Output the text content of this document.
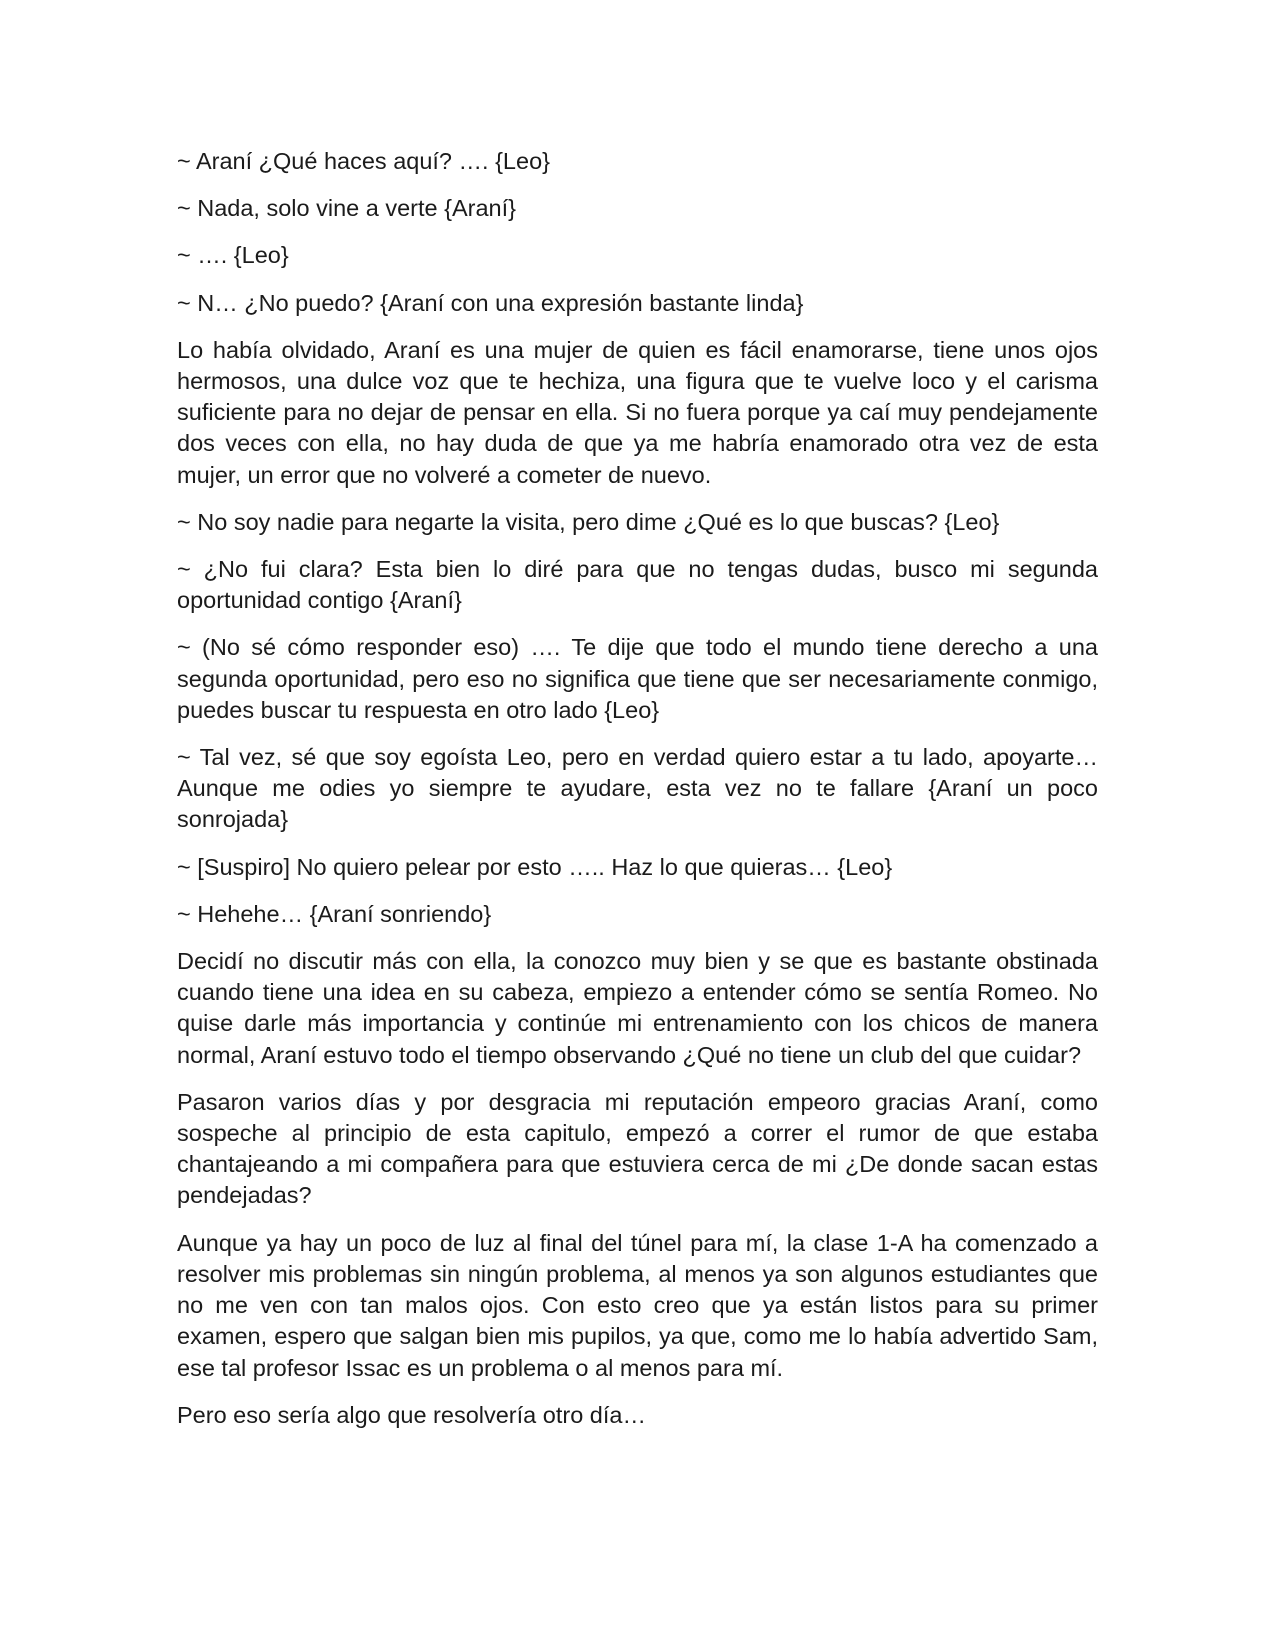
~ Araní ¿Qué haces aquí? …. {Leo}

~ Nada, solo vine a verte {Araní}

~ …. {Leo}

~ N… ¿No puedo? {Araní con una expresión bastante linda}

Lo había olvidado, Araní es una mujer de quien es fácil enamorarse, tiene unos ojos hermosos, una dulce voz que te hechiza, una figura que te vuelve loco y el carisma suficiente para no dejar de pensar en ella. Si no fuera porque ya caí muy pendejamente dos veces con ella, no hay duda de que ya me habría enamorado otra vez de esta mujer, un error que no volveré a cometer de nuevo.

~ No soy nadie para negarte la visita, pero dime ¿Qué es lo que buscas? {Leo}

~ ¿No fui clara? Esta bien lo diré para que no tengas dudas, busco mi segunda oportunidad contigo {Araní}

~ (No sé cómo responder eso) …. Te dije que todo el mundo tiene derecho a una segunda oportunidad, pero eso no significa que tiene que ser necesariamente conmigo, puedes buscar tu respuesta en otro lado {Leo}

~ Tal vez, sé que soy egoísta Leo, pero en verdad quiero estar a tu lado, apoyarte… Aunque me odies yo siempre te ayudare, esta vez no te fallare {Araní un poco sonrojada}

~ [Suspiro] No quiero pelear por esto ….. Haz lo que quieras… {Leo}

~ Hehehe… {Araní sonriendo}

Decidí no discutir más con ella, la conozco muy bien y se que es bastante obstinada cuando tiene una idea en su cabeza, empiezo a entender cómo se sentía Romeo. No quise darle más importancia y continúe mi entrenamiento con los chicos de manera normal, Araní estuvo todo el tiempo observando ¿Qué no tiene un club del que cuidar?

Pasaron varios días y por desgracia mi reputación empeoro gracias Araní, como sospeche al principio de esta capitulo, empezó a correr el rumor de que estaba chantajeando a mi compañera para que estuviera cerca de mi ¿De donde sacan estas pendejadas?

Aunque ya hay un poco de luz al final del túnel para mí, la clase 1-A ha comenzado a resolver mis problemas sin ningún problema, al menos ya son algunos estudiantes que no me ven con tan malos ojos. Con esto creo que ya están listos para su primer examen, espero que salgan bien mis pupilos, ya que, como me lo había advertido Sam, ese tal profesor Issac es un problema o al menos para mí.

Pero eso sería algo que resolvería otro día…
